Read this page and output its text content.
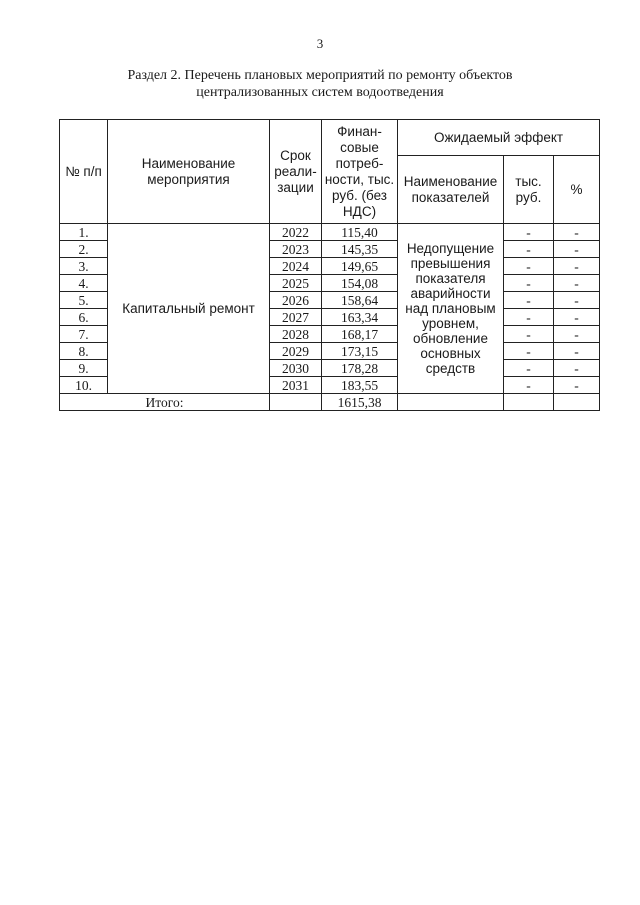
3
Раздел 2. Перечень плановых мероприятий по ремонту объектов
централизованных систем водоотведения
№ п/п	Наименование мероприятия	Срок реали-зации	Финан-совые потреб-ности, тыс. руб. (без НДС)	Ожидаемый эффект		
				Наименование показателей	тыс. руб.	%
1.	Капитальный ремонт	2022	115,40	Недопущение превышения показателя аварийности над плановым уровнем, обновление основных средств	-	-
2.		2023	145,35		-	-
3.		2024	149,65		-	-
4.		2025	154,08		-	-
5.		2026	158,64		-	-
6.		2027	163,34		-	-
7.		2028	168,17		-	-
8.		2029	173,15		-	-
9.		2030	178,28		-	-
10.		2031	183,55		-	-
Итого:			1615,38			
